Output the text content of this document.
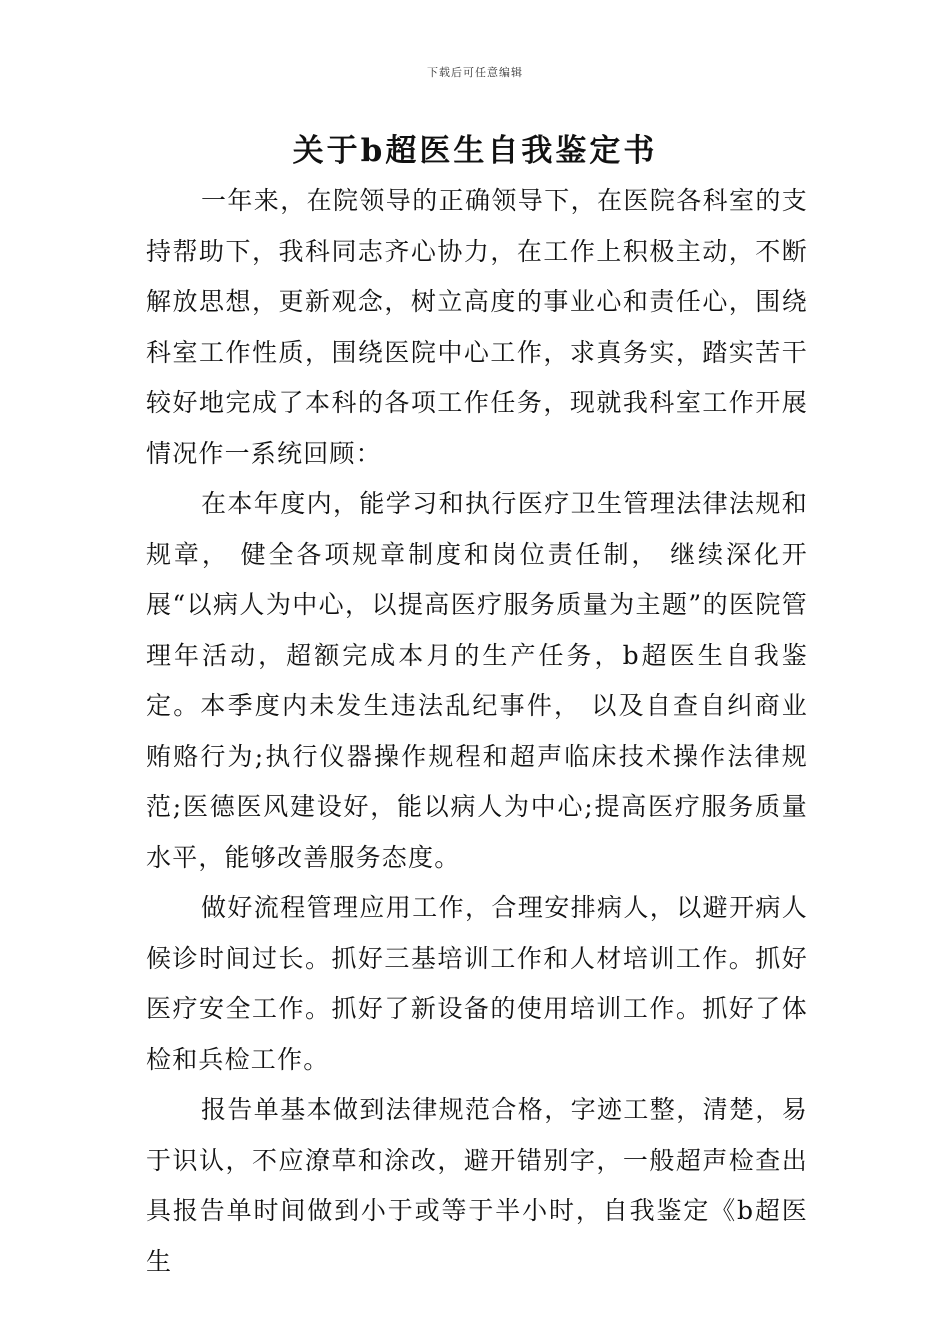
下载后可任意编辑
关于b超医生自我鉴定书

一年来，在院领导的正确领导下，在医院各科室的支持帮助下，我科同志齐心协力，在工作上积极主动，不断解放思想，更新观念，树立高度的事业心和责任心，围绕科室工作性质，围绕医院中心工作，求真务实，踏实苦干较好地完成了本科的各项工作任务，现就我科室工作开展情况作一系统回顾：

在本年度内，能学习和执行医疗卫生管理法律法规和规章， 健全各项规章制度和岗位责任制， 继续深化开展“以病人为中心，以提高医疗服务质量为主题”的医院管理年活动，超额完成本月的生产任务，b超医生自我鉴定。本季度内未发生违法乱纪事件， 以及自查自纠商业贿赂行为;执行仪器操作规程和超声临床技术操作法律规范;医德医风建设好，能以病人为中心;提高医疗服务质量水平，能够改善服务态度。

做好流程管理应用工作，合理安排病人，以避开病人候诊时间过长。抓好三基培训工作和人材培训工作。抓好医疗安全工作。抓好了新设备的使用培训工作。抓好了体检和兵检工作。

报告单基本做到法律规范合格，字迹工整，清楚，易于识认，不应潦草和涂改，避开错别字，一般超声检查出具报告单时间做到小于或等于半小时，自我鉴定《b超医生
